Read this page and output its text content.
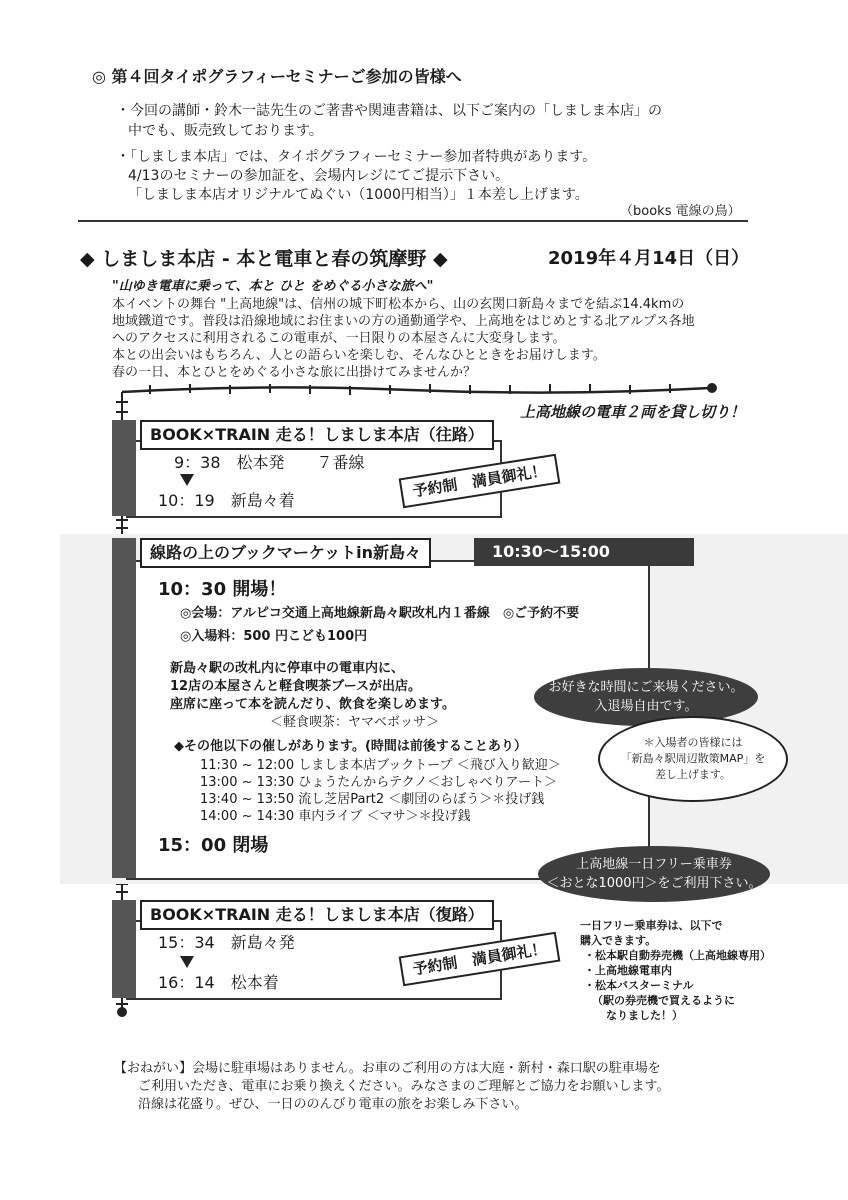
◎ 第４回タイポグラフィーセミナーご参加の皆様へ
・今回の講師・鈴木一誌先生のご著書や関連書籍は、以下ご案内の「しましま本店」の
中でも、販売致しております。
・「しましま本店」では、タイポグラフィーセミナー参加者特典があります。
4/13のセミナーの参加証を、会場内レジにてご提示下さい。
「しましま本店オリジナルてぬぐい（1000円相当）」１本差し上げます。
（books 電線の鳥）
◆ しましま本店 - 本と電車と春の筑摩野 ◆	2019年４月14日（日）
"山ゆき電車に乗って、本と ひと をめぐる小さな旅へ"
本イベントの舞台 "上高地線"は、信州の城下町松本から、山の玄関口新島々までを結ぶ14.4kmの
地域鐵道です。普段は沿線地域にお住まいの方の通勤通学や、上高地をはじめとする北アルプス各地
へのアクセスに利用されるこの電車が、一日限りの本屋さんに大変身します。
本との出会いはもちろん、人との語らいを楽しむ、そんなひとときをお届けします。
春の一日、本とひとをめぐる小さな旅に出掛けてみませんか？
上高地線の電車２両を貸し切り！
BOOK×TRAIN 走る！しましま本店（往路）
9：38　松本発　　７番線
10：19　新島々着
予約制　満員御礼！
線路の上のブックマーケットin新島々	10:30〜15:00
10：30 開場！
◎会場：アルピコ交通上高地線新島々駅改札内１番線　◎ご予約不要
◎入場料：500 円こども100円
新島々駅の改札内に停車中の電車内に、
12店の本屋さんと軽食喫茶ブースが出店。
座席に座って本を読んだり、飲食を楽しめます。
＜軽食喫茶：ヤマベボッサ＞
◆その他以下の催しがあります。(時間は前後することあり）
11:30 ~ 12:00 しましま本店ブックトープ ＜飛び入り歓迎＞
13:00 ~ 13:30 ひょうたんからテクノ＜おしゃべりアート＞
13:40 ~ 13:50 流し芝居Part2 ＜劇団のらぼう＞＊投げ銭
14:00 ~ 14:30 車内ライブ ＜マサ＞＊投げ銭
15：00 閉場
お好きな時間にご来場ください。
入退場自由です。
＊入場者の皆様には
「新島々駅周辺散策MAP」を
差し上げます。
上高地線一日フリー乗車券
＜おとな1000円＞をご利用下さい。
BOOK×TRAIN 走る！しましま本店（復路）
15：34　新島々発
16：14　松本着
予約制　満員御礼！
一日フリー乗車券は、以下で
購入できます。
・松本駅自動券売機（上高地線専用）
・上高地線電車内
・松本バスターミナル
（駅の券売機で買えるように
なりました！）
【おねがい】会場に駐車場はありません。お車のご利用の方は大庭・新村・森口駅の駐車場を
ご利用いただき、電車にお乗り換えください。みなさまのご理解とご協力をお願いします。
沿線は花盛り。ぜひ、一日ののんびり電車の旅をお楽しみ下さい。
